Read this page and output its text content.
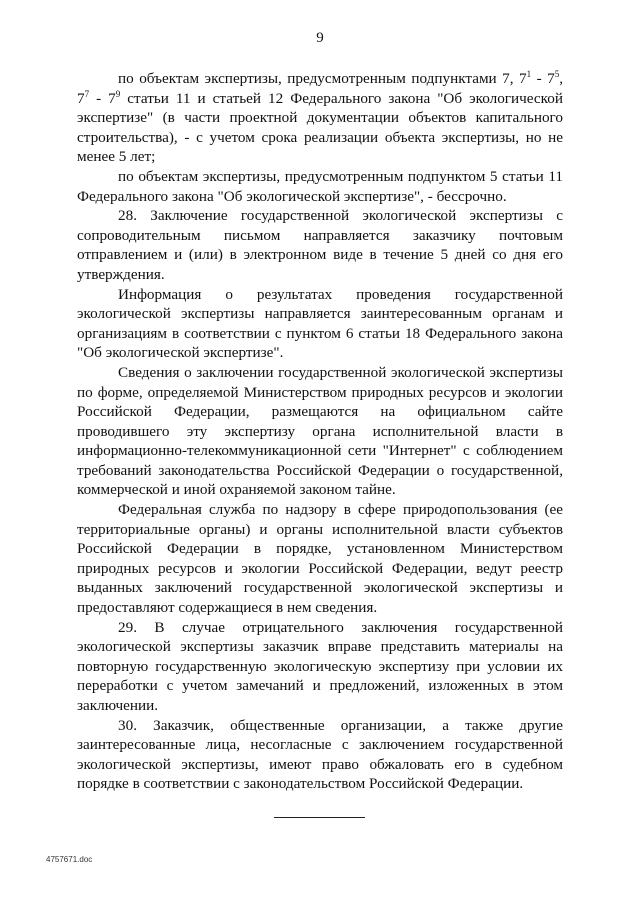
9

по объектам экспертизы, предусмотренным подпунктами 7, $7^1 - 7^5$, $7^7 - 7^9$ статьи 11 и статьей 12 Федерального закона "Об экологической экспертизе" (в части проектной документации объектов капитального строительства), - с учетом срока реализации объекта экспертизы, но не менее 5 лет;

по объектам экспертизы, предусмотренным подпунктом 5 статьи 11 Федерального закона "Об экологической экспертизе", - бессрочно.

28. Заключение государственной экологической экспертизы с сопроводительным письмом направляется заказчику почтовым отправлением и (или) в электронном виде в течение 5 дней со дня его утверждения.

Информация о результатах проведения государственной экологической экспертизы направляется заинтересованным органам и организациям в соответствии с пунктом 6 статьи 18 Федерального закона "Об экологической экспертизе".

Сведения о заключении государственной экологической экспертизы по форме, определяемой Министерством природных ресурсов и экологии Российской Федерации, размещаются на официальном сайте проводившего эту экспертизу органа исполнительной власти в информационно-телекоммуникационной сети "Интернет" с соблюдением требований законодательства Российской Федерации о государственной, коммерческой и иной охраняемой законом тайне.

Федеральная служба по надзору в сфере природопользования (ее территориальные органы) и органы исполнительной власти субъектов Российской Федерации в порядке, установленном Министерством природных ресурсов и экологии Российской Федерации, ведут реестр выданных заключений государственной экологической экспертизы и предоставляют содержащиеся в нем сведения.

29. В случае отрицательного заключения государственной экологической экспертизы заказчик вправе представить материалы на повторную государственную экологическую экспертизу при условии их переработки с учетом замечаний и предложений, изложенных в этом заключении.

30. Заказчик, общественные организации, а также другие заинтересованные лица, несогласные с заключением государственной экологической экспертизы, имеют право обжаловать его в судебном порядке в соответствии с законодательством Российской Федерации.

4757671.doc
